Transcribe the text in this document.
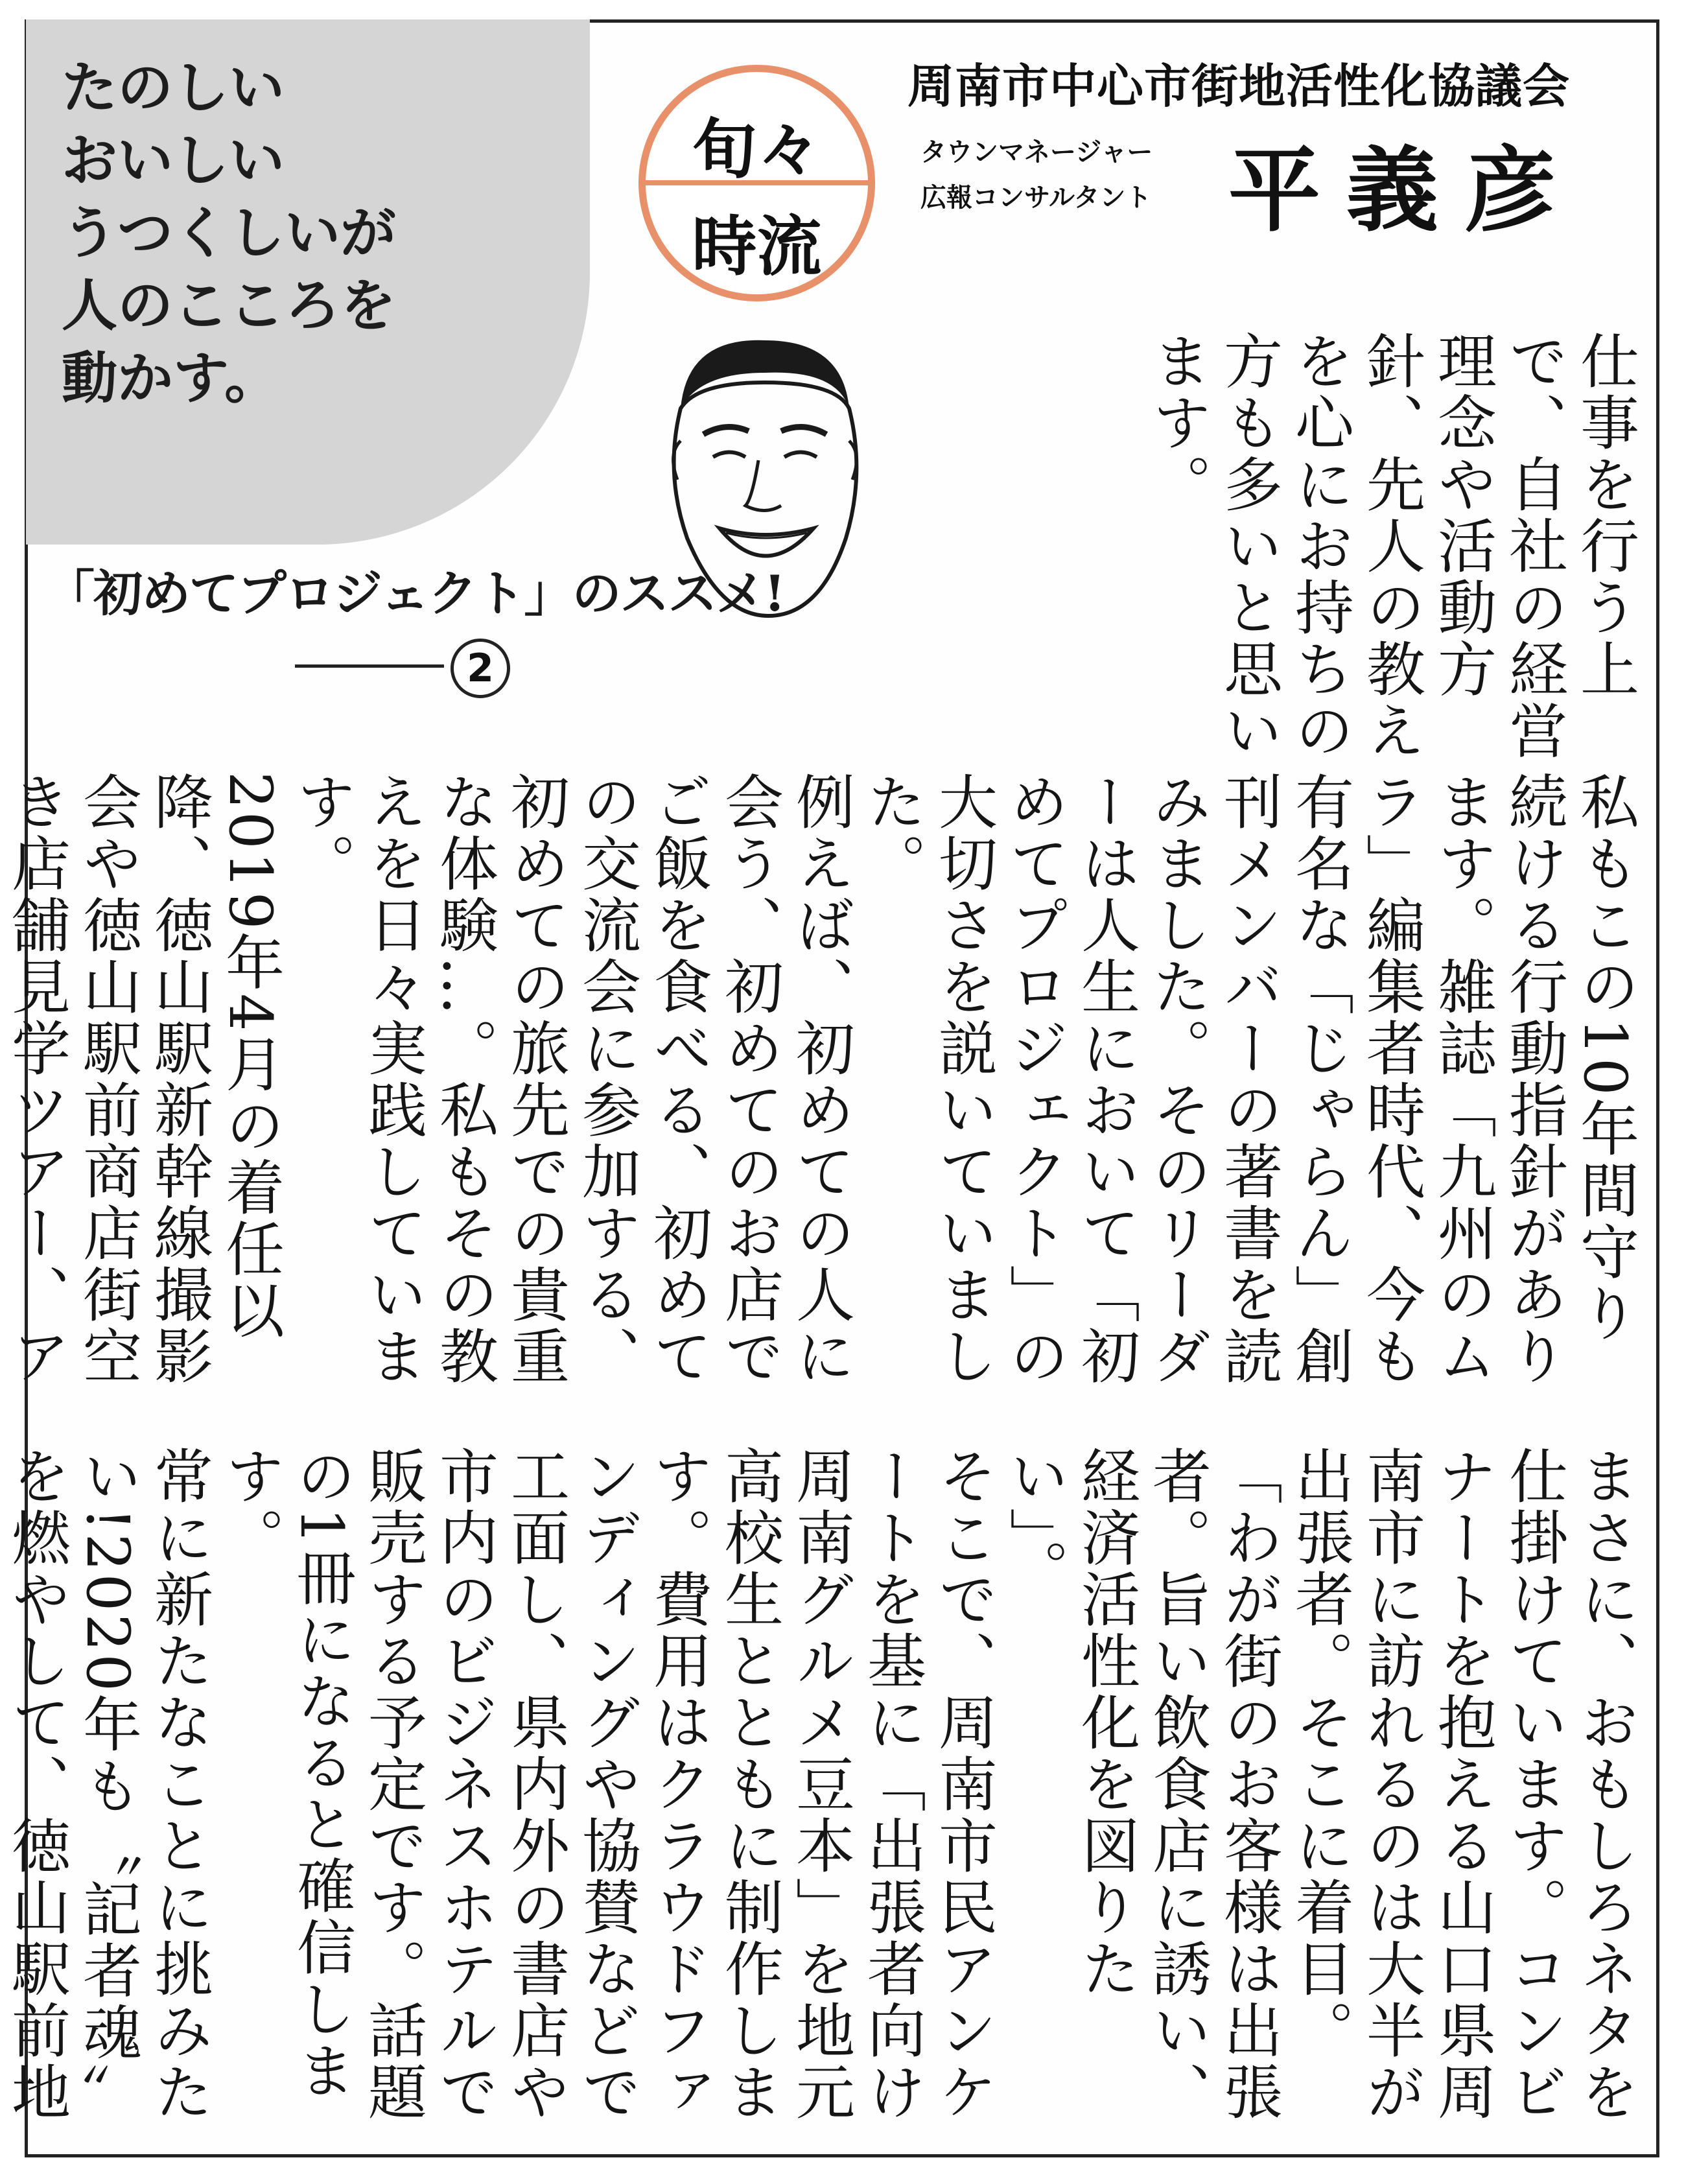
たのしい
おいしい
うつくしいが
人のこころを
動かす。
「初めてプロジェクト」のススメ!
2
旬々
時流
周南市中心市街地活性化協議会
タウンマネージャー
広報コンサルタント 平義彦

仕事を行う上で、自社の経営理念や活動方針、先人の教えを心にお持ちの方も多いと思います。

私もこの10年間守り続ける行動指針があります。雑誌「九州のムラ」編集者時代、今も有名な「じゃらん」創刊メンバーの著書を読みました。そのリーダーは人生において「初めてプロジェクト」の大切さを説いていました。

例えば、初めての人に会う、初めてのお店でご飯を食べる、初めての交流会に参加する、初めての旅先での貴重な体験…。私もその教えを日々実践しています。

2019年4月の着任以降、徳山駅新幹線撮影会や徳山駅前商店街空き店舗見学ツアー、ア

まさに、おもしろネタを仕掛けています。コンビナートを抱える山口県周南市に訪れるのは大半が出張者。そこに着目。「わが街のお客様は出張者。旨い飲食店に誘い、経済活性化を図りたい」。

そこで、周南市民アンケートを基に「出張者向け周南グルメ豆本」を地元高校生とともに制作します。費用はクラウドファンディングや協賛などで工面し、県内外の書店や市内のビジネスホテルで販売する予定です。話題の1冊になると確信します。

常に新たなことに挑みたい!2020年も〝記者魂〟を燃やして、徳山駅前地
